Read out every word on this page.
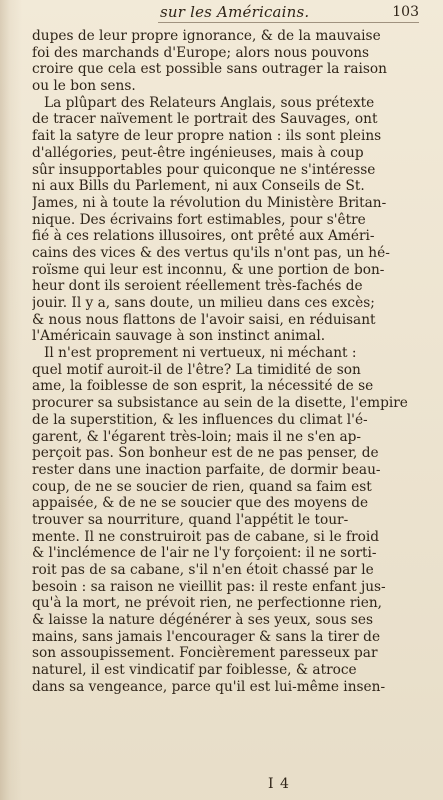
sur les Américains.	103
dupes de leur propre ignorance, & de la mauvaise
foi des marchands d'Europe; alors nous pouvons
croire que cela est possible sans outrager la raison
ou le bon sens.
La plûpart des Relateurs Anglais, sous prétexte
de tracer naïvement le portrait des Sauvages, ont
fait la satyre de leur propre nation : ils sont pleins
d'allégories, peut-être ingénieuses, mais à coup
sûr insupportables pour quiconque ne s'intéresse
ni aux Bills du Parlement, ni aux Conseils de St.
James, ni à toute la révolution du Ministère Britan-
nique. Des écrivains fort estimables, pour s'être
fié à ces relations illusoires, ont prêté aux Améri-
cains des vices & des vertus qu'ils n'ont pas, un hé-
roïsme qui leur est inconnu, & une portion de bon-
heur dont ils seroient réellement très-fachés de
jouir. Il y a, sans doute, un milieu dans ces excès;
& nous nous flattons de l'avoir saisi, en réduisant
l'Américain sauvage à son instinct animal.
Il n'est proprement ni vertueux, ni méchant :
quel motif auroit-il de l'être? La timidité de son
ame, la foiblesse de son esprit, la nécessité de se
procurer sa subsistance au sein de la disette, l'empire
de la superstition, & les influences du climat l'é-
garent, & l'égarent très-loin; mais il ne s'en ap-
perçoit pas. Son bonheur est de ne pas penser, de
rester dans une inaction parfaite, de dormir beau-
coup, de ne se soucier de rien, quand sa faim est
appaisée, & de ne se soucier que des moyens de
trouver sa nourriture, quand l'appétit le tour-
mente. Il ne construiroit pas de cabane, si le froid
& l'inclémence de l'air ne l'y forçoient: il ne sorti-
roit pas de sa cabane, s'il n'en étoit chassé par le
besoin : sa raison ne vieillit pas: il reste enfant jus-
qu'à la mort, ne prévoit rien, ne perfectionne rien,
& laisse la nature dégénérer à ses yeux, sous ses
mains, sans jamais l'encourager & sans la tirer de
son assoupissement. Foncièrement paresseux par
naturel, il est vindicatif par foiblesse, & atroce
dans sa vengeance, parce qu'il est lui-même insen-
I 4
